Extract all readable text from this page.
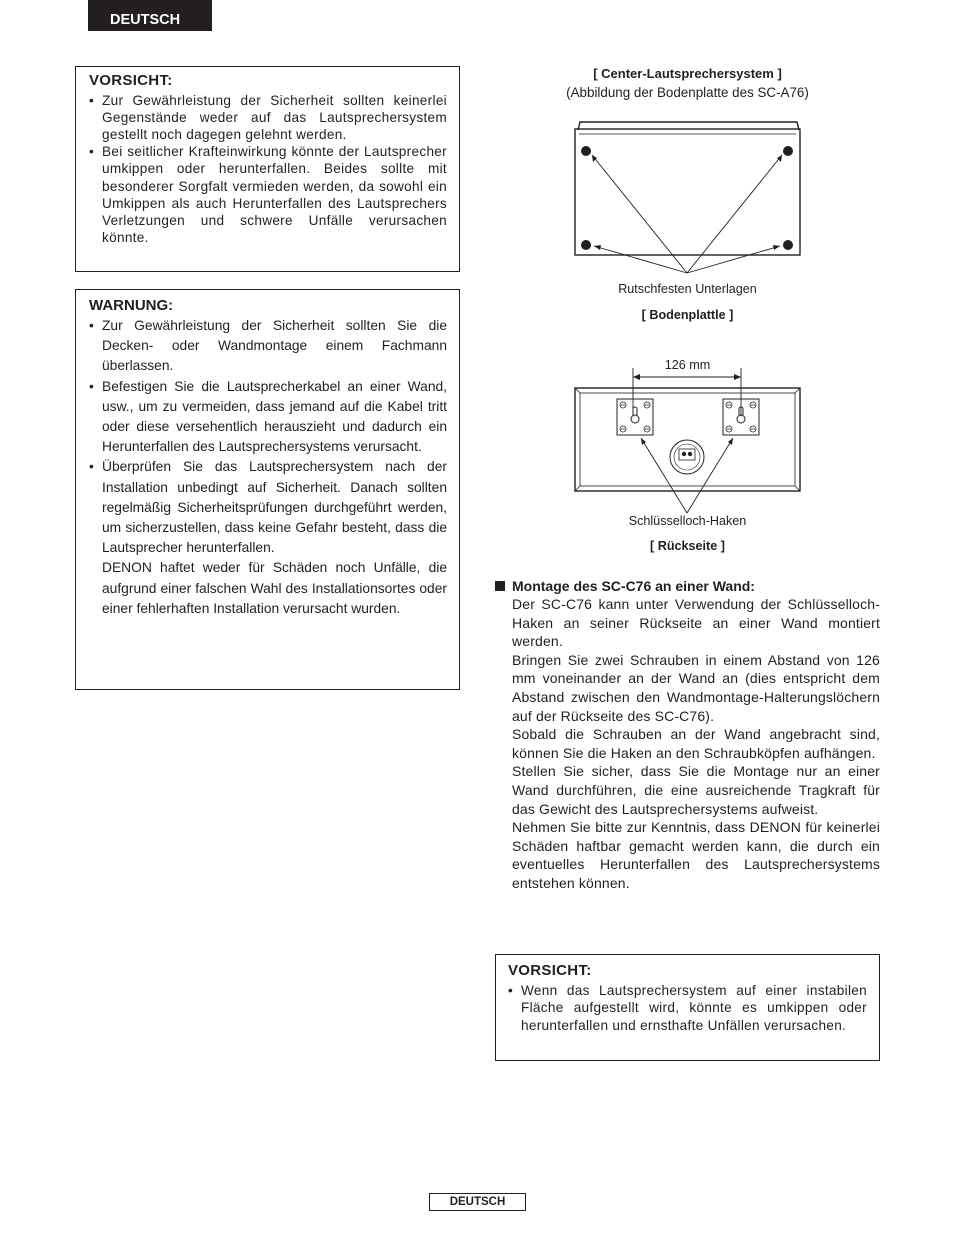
DEUTSCH
VORSICHT:
• Zur Gewährleistung der Sicherheit sollten keinerlei Gegenstände weder auf das Lautsprechersystem gestellt noch dagegen gelehnt werden.
• Bei seitlicher Krafteinwirkung könnte der Lautsprecher umkippen oder herunterfallen. Beides sollte mit besonderer Sorgfalt vermieden werden, da sowohl ein Umkippen als auch Herunterfallen des Lautsprechers Verletzungen und schwere Unfälle verursachen könnte.
WARNUNG:
• Zur Gewährleistung der Sicherheit sollten Sie die Decken- oder Wandmontage einem Fachmann überlassen.
• Befestigen Sie die Lautsprecherkabel an einer Wand, usw., um zu vermeiden, dass jemand auf die Kabel tritt oder diese versehentlich herauszieht und dadurch ein Herunterfallen des Lautsprechersystems verursacht.
• Überprüfen Sie das Lautsprechersystem nach der Installation unbedingt auf Sicherheit. Danach sollten regelmäßig Sicherheitsprüfungen durchgeführt werden, um sicherzustellen, dass keine Gefahr besteht, dass die Lautsprecher herunterfallen.

DENON haftet weder für Schäden noch Unfälle, die aufgrund einer falschen Wahl des Installationsortes oder einer fehlerhaften Installation verursacht wurden.

[ Center-Lautsprechersystem ]
(Abbildung der Bodenplatte des SC-A76)
Rutschfesten Unterlagen
[ Bodenplattle ]
126 mm
Schlüsselloch-Haken
[ Rückseite ]
Montage des SC-C76 an einer Wand:

Der SC-C76 kann unter Verwendung der Schlüsselloch-Haken an seiner Rückseite an einer Wand montiert werden.

Bringen Sie zwei Schrauben in einem Abstand von 126 mm voneinander an der Wand an (dies entspricht dem Abstand zwischen den Wandmontage-Halterungslöchern auf der Rückseite des SC-C76).

Sobald die Schrauben an der Wand angebracht sind, können Sie die Haken an den Schraubköpfen aufhängen.

Stellen Sie sicher, dass Sie die Montage nur an einer Wand durchführen, die eine ausreichende Tragkraft für das Gewicht des Lautsprechersystems aufweist.

Nehmen Sie bitte zur Kenntnis, dass DENON für keinerlei Schäden haftbar gemacht werden kann, die durch ein eventuelles Herunterfallen des Lautsprechersystems entstehen können.

VORSICHT:
• Wenn das Lautsprechersystem auf einer instabilen Fläche aufgestellt wird, könnte es umkippen oder herunterfallen und ernsthafte Unfällen verursachen.
DEUTSCH
